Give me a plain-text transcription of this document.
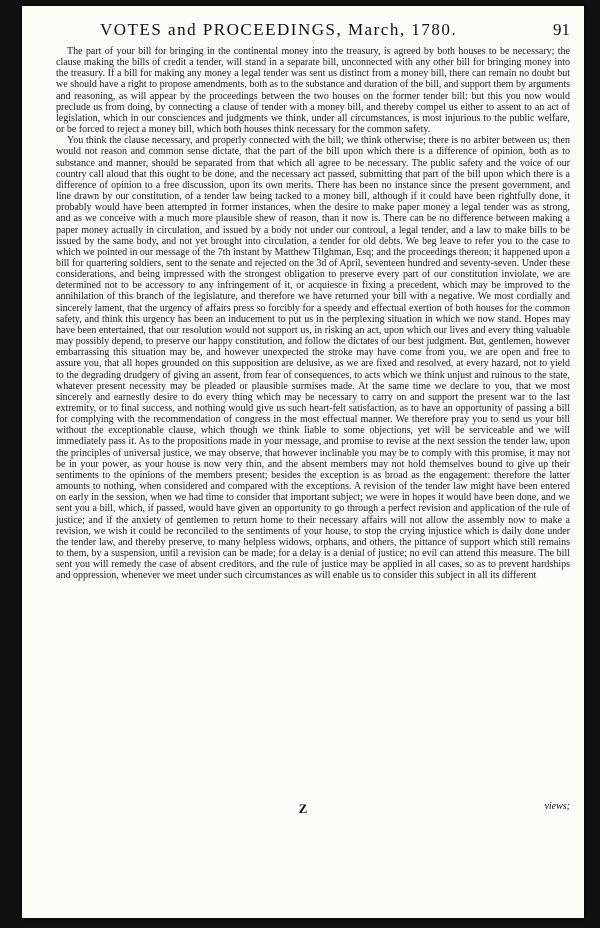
VOTES and PROCEEDINGS, March, 1780.	91

The part of your bill for bringing in the continental money into the treasury, is agreed by both houses to be necessary; the clause making the bills of credit a tender, will stand in a separate bill, unconnected with any other bill for bringing money into the treasury. If a bill for making any money a legal tender was sent us distinct from a money bill, there can remain no doubt but we should have a right to propose amendments, both as to the substance and duration of the bill, and support them by arguments and reasoning, as will appear by the proceedings between the two houses on the former tender bill: but this you now would preclude us from doing, by connecting a clause of tender with a money bill, and thereby compel us either to assent to an act of legislation, which in our consciences and judgments we think, under all circumstances, is most injurious to the public welfare, or be forced to reject a money bill, which both houses think necessary for the common safety.

You think the clause necessary, and properly connected with the bill; we think otherwise; there is no arbiter between us; then would not reason and common sense dictate, that the part of the bill upon which there is a difference of opinion, both as to substance and manner, should be separated from that which all agree to be necessary. The public safety and the voice of our country call aloud that this ought to be done, and the necessary act passed, submitting that part of the bill upon which there is a difference of opinion to a free discussion, upon its own merits. There has been no instance since the present government, and line drawn by our constitution, of a tender law being tacked to a money bill, although if it could have been rightfully done, it probably would have been attempted in former instances, when the desire to make paper money a legal tender was as strong, and as we conceive with a much more plausible shew of reason, than it now is. There can be no difference between making a paper money actually in circulation, and issued by a body not under our controul, a legal tender, and a law to make bills to be issued by the same body, and not yet brought into circulation, a tender for old debts. We beg leave to refer you to the case to which we pointed in our message of the 7th instant by Matthew Tilghman, Esq; and the proceedings thereon; it happened upon a bill for quartering soldiers, sent to the senate and rejected on the 3d of April, seventeen hundred and seventy-seven. Under these considerations, and being impressed with the strongest obligation to preserve every part of our constitution inviolate, we are determined not to be accessory to any infringement of it, or acquiesce in fixing a precedent, which may be improved to the annihilation of this branch of the legislature, and therefore we have returned your bill with a negative. We most cordially and sincerely lament, that the urgency of affairs press so forcibly for a speedy and effectual exertion of both houses for the common safety, and think this urgency has been an inducement to put us in the perplexing situation in which we now stand. Hopes may have been entertained, that our resolution would not support us, in risking an act, upon which our lives and every thing valuable may possibly depend, to preserve our happy constitution, and follow the dictates of our best judgment. But, gentlemen, however embarrassing this situation may be, and however unexpected the stroke may have come from you, we are open and free to assure you, that all hopes grounded on this supposition are delusive, as we are fixed and resolved, at every hazard, not to yield to the degrading drudgery of giving an assent, from fear of consequences, to acts which we think unjust and ruinous to the state, whatever present necessity may be pleaded or plausible surmises made. At the same time we declare to you, that we most sincerely and earnestly desire to do every thing which may be necessary to carry on and support the present war to the last extremity, or to final success, and nothing would give us such heart-felt satisfaction, as to have an opportunity of passing a bill for complying with the recommendation of congress in the most effectual manner. We therefore pray you to send us your bill without the exceptionable clause, which though we think liable to some objections, yet will be serviceable and we will immediately pass it. As to the propositions made in your message, and promise to revise at the next session the tender law, upon the principles of universal justice, we may observe, that however inclinable you may be to comply with this promise, it may not be in your power, as your house is now very thin, and the absent members may not hold themselves bound to give up their sentiments to the opinions of the members present; besides the exception is as broad as the engagement: therefore the latter amounts to nothing, when considered and compared with the exceptions. A revision of the tender law might have been entered on early in the session, when we had time to consider that important subject; we were in hopes it would have been done, and we sent you a bill, which, if passed, would have given an opportunity to go through a perfect revision and application of the rule of justice; and if the anxiety of gentlemen to return home to their necessary affairs will not allow the assembly now to make a revision, we wish it could be reconciled to the sentiments of your house, to stop the crying injustice which is daily done under the tender law, and thereby preserve, to many helpless widows, orphans, and others, the pittance of support which still remains to them, by a suspension, until a revision can be made; for a delay is a denial of justice; no evil can attend this measure. The bill sent you will remedy the case of absent creditors, and the rule of justice may be applied in all cases, so as to prevent hardships and oppression, whenever we meet under such circumstances as will enable us to consider this subject in all its different

Z	views;
